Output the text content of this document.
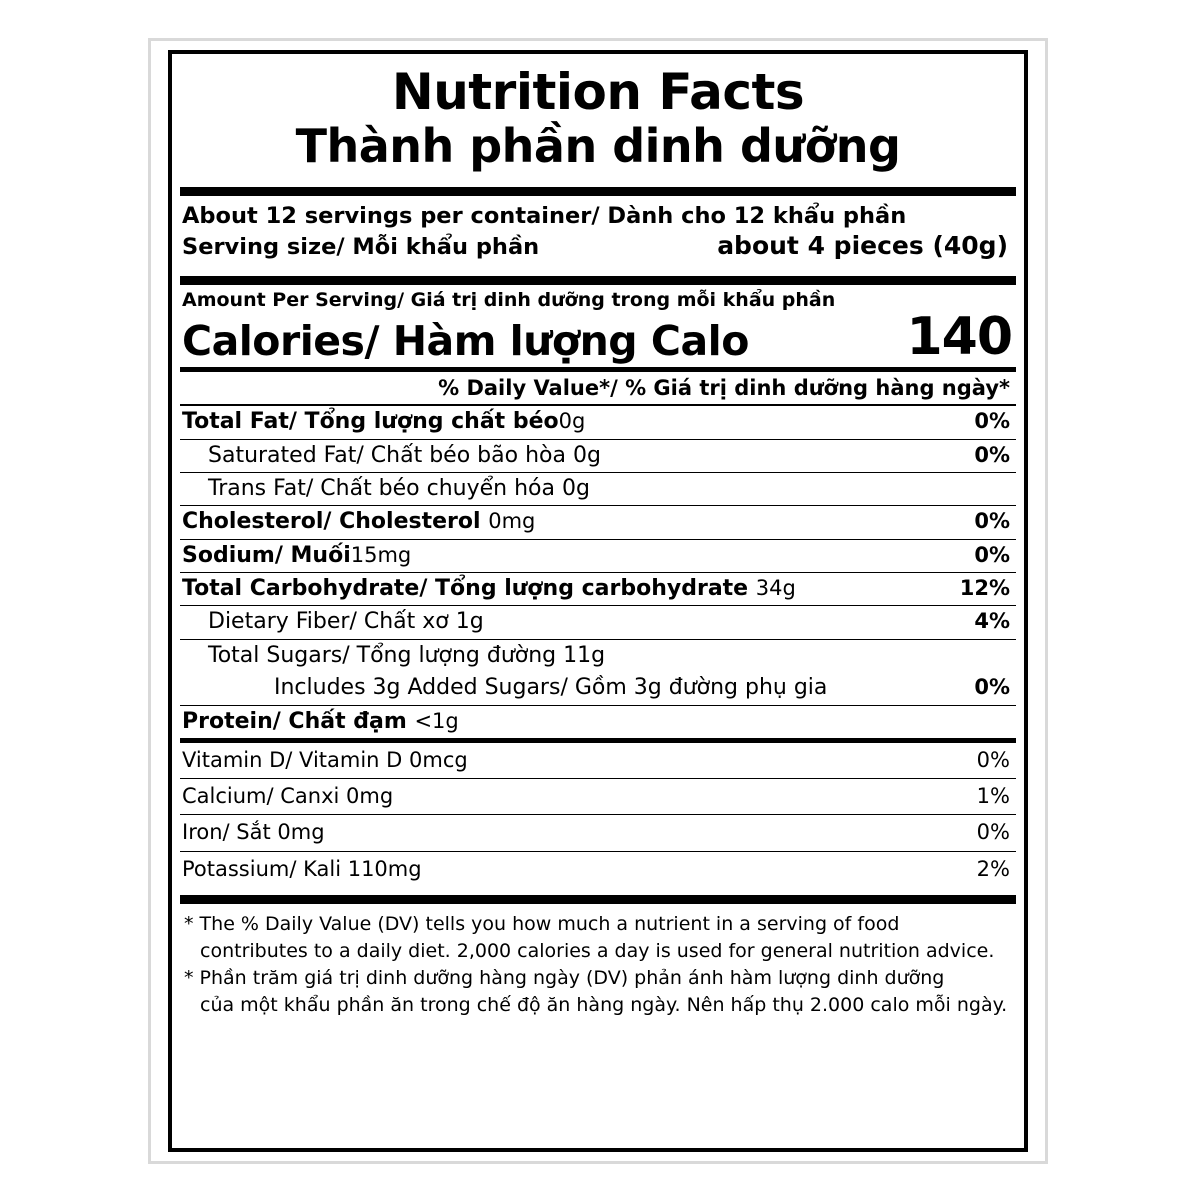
Nutrition Facts
Thành phần dinh dưỡng
About 12 servings per container/ Dành cho 12 khẩu phần
Serving size/ Mỗi khẩu phần	about 4 pieces (40g)
Amount Per Serving/ Giá trị dinh dưỡng trong mỗi khẩu phần
Calories/ Hàm lượng Calo	140
% Daily Value*/ % Giá trị dinh dưỡng hàng ngày*
Total Fat/ Tổng lượng chất béo0g	0%
Saturated Fat/ Chất béo bão hòa 0g	0%
Trans Fat/ Chất béo chuyển hóa 0g
Cholesterol/ Cholesterol 0mg	0%
Sodium/ Muối15mg	0%
Total Carbohydrate/ Tổng lượng carbohydrate 34g	12%
Dietary Fiber/ Chất xơ 1g	4%
Total Sugars/ Tổng lượng đường 11g
Includes 3g Added Sugars/ Gồm 3g đường phụ gia	0%
Protein/ Chất đạm <1g
Vitamin D/ Vitamin D 0mcg	0%
Calcium/ Canxi 0mg	1%
Iron/ Sắt 0mg	0%
Potassium/ Kali 110mg	2%

* The % Daily Value (DV) tells you how much a nutrient in a serving of food

contributes to a daily diet. 2,000 calories a day is used for general nutrition advice.

* Phần trăm giá trị dinh dưỡng hàng ngày (DV) phản ánh hàm lượng dinh dưỡng

của một khẩu phần ăn trong chế độ ăn hàng ngày. Nên hấp thụ 2.000 calo mỗi ngày.
